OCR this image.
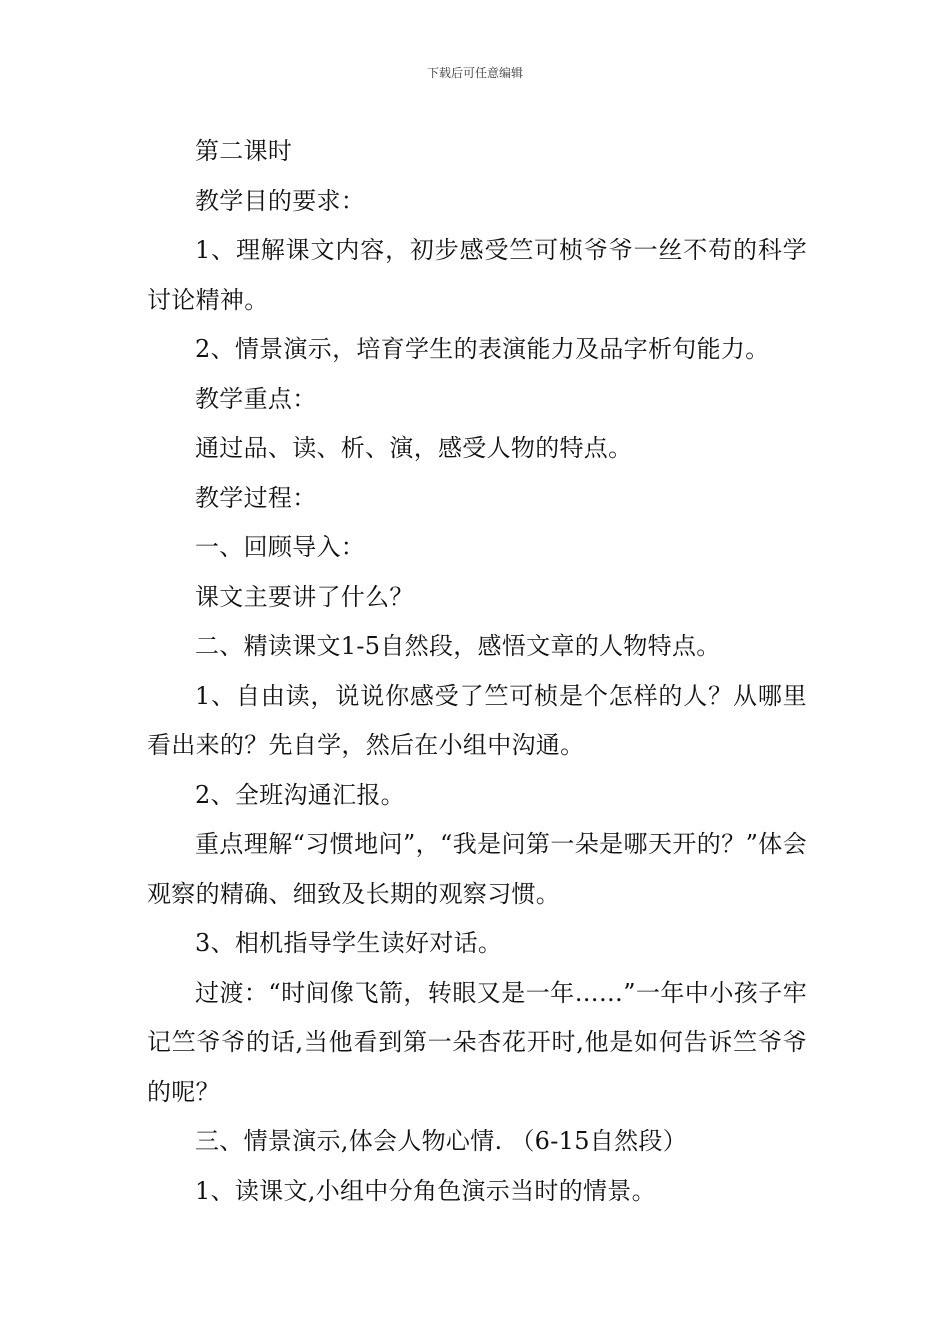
下载后可任意编辑

第二课时

教学目的要求：

1、理解课文内容，初步感受竺可桢爷爷一丝不苟的科学讨论精神。

2、情景演示，培育学生的表演能力及品字析句能力。

教学重点：

通过品、读、析、演，感受人物的特点。

教学过程：

一、回顾导入：

课文主要讲了什么？

二、精读课文1-5自然段，感悟文章的人物特点。

1、自由读，说说你感受了竺可桢是个怎样的人？从哪里看出来的？先自学，然后在小组中沟通。

2、全班沟通汇报。

重点理解“习惯地问”，“我是问第一朵是哪天开的？”体会观察的精确、细致及长期的观察习惯。

3、相机指导学生读好对话。

过渡：“时间像飞箭，转眼又是一年……”一年中小孩子牢记竺爷爷的话,当他看到第一朵杏花开时,他是如何告诉竺爷爷的呢？

三、情景演示,体会人物心情. （6-15自然段）

1、读课文,小组中分角色演示当时的情景。
